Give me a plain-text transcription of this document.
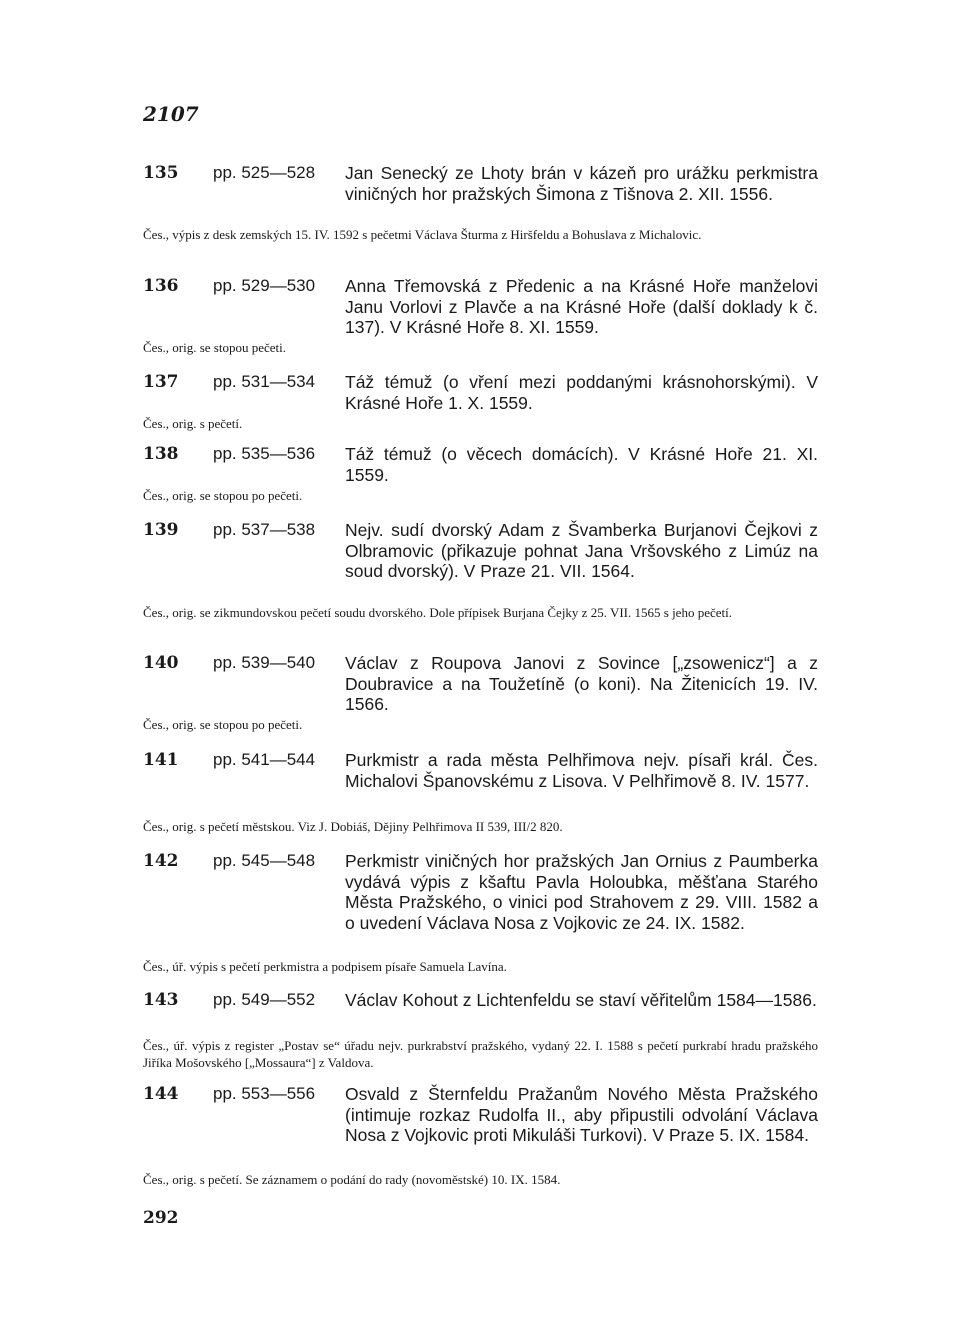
2107
135 pp. 525—528	Jan Senecký ze Lhoty brán v kázeň pro urážku perkmistra viničných hor pražských Šimona z Tišnova 2. XII. 1556.
Čes., výpis z desk zemských 15. IV. 1592 s pečetmi Václava Šturma z Hiršfeldu a Bohuslava z Michalovic.
136 pp. 529—530	Anna Třemovská z Předenic a na Krásné Hoře manželovi Janu Vorlovi z Plavče a na Krásné Hoře (další doklady k č. 137). V Krásné Hoře 8. XI. 1559.
Čes., orig. se stopou pečeti.
137 pp. 531—534	Táž témuž (o vření mezi poddanými krásnohorskými). V Krásné Hoře 1. X. 1559.
Čes., orig. s pečetí.
138 pp. 535—536	Táž témuž (o věcech domácích). V Krásné Hoře 21. XI. 1559.
Čes., orig. se stopou po pečeti.
139 pp. 537—538	Nejv. sudí dvorský Adam z Švamberka Burjanovi Čejkovi z Olbramovic (přikazuje pohnat Jana Vršovského z Limúz na soud dvorský). V Praze 21. VII. 1564.
Čes., orig. se zikmundovskou pečetí soudu dvorského. Dole přípisek Burjana Čejky z 25. VII. 1565 s jeho pečetí.
140 pp. 539—540	Václav z Roupova Janovi z Sovince [„zsowenicz“] a z Doubravice a na Toužetíně (o koni). Na Žitenicích 19. IV. 1566.
Čes., orig. se stopou po pečeti.
141 pp. 541—544	Purkmistr a rada města Pelhřimova nejv. písaři král. Čes. Michalovi Španovskému z Lisova. V Pelhřimově 8. IV. 1577.
Čes., orig. s pečetí městskou. Viz J. Dobiáš, Dějiny Pelhřimova II 539, III/2 820.
142 pp. 545—548	Perkmistr viničných hor pražských Jan Ornius z Paumberka vydává výpis z kšaftu Pavla Holoubka, měšťana Starého Města Pražského, o vinici pod Strahovem z 29. VIII. 1582 a o uvedení Václava Nosa z Vojkovic ze 24. IX. 1582.
Čes., úř. výpis s pečetí perkmistra a podpisem písaře Samuela Lavína.
143 pp. 549—552	Václav Kohout z Lichtenfeldu se staví věřitelům 1584—1586.
Čes., úř. výpis z register „Postav se“ úřadu nejv. purkrabství pražského, vydaný 22. I. 1588 s pečetí purkrabí hradu pražského Jiříka Mošovského [„Mossaura“] z Valdova.
144 pp. 553—556	Osvald z Šternfeldu Pražanům Nového Města Pražského (intimuje rozkaz Rudolfa II., aby připustili odvolání Václava Nosa z Vojkovic proti Mikuláši Turkovi). V Praze 5. IX. 1584.
Čes., orig. s pečetí. Se záznamem o podání do rady (novoměstské) 10. IX. 1584.
292
